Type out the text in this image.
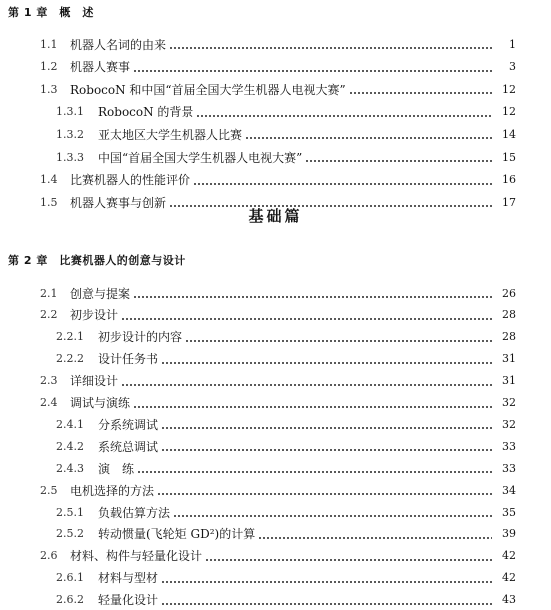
第 1 章　概　述
1.1	机器人名词的由来	1
1.2	机器人赛事	3
1.3	RobocoN 和中国“首届全国大学生机器人电视大赛”	12
1.3.1	RobocoN 的背景	12
1.3.2	亚太地区大学生机器人比赛	14
1.3.3	中国“首届全国大学生机器人电视大赛”	15
1.4	比赛机器人的性能评价	16
1.5	机器人赛事与创新	17
基础篇
第 2 章　比赛机器人的创意与设计
2.1	创意与提案	26
2.2	初步设计	28
2.2.1	初步设计的内容	28
2.2.2	设计任务书	31
2.3	详细设计	31
2.4	调试与演练	32
2.4.1	分系统调试	32
2.4.2	系统总调试	33
2.4.3	演　练	33
2.5	电机选择的方法	34
2.5.1	负载估算方法	35
2.5.2	转动惯量(飞轮矩 GD²)的计算	39
2.6	材料、构件与轻量化设计	42
2.6.1	材料与型材	42
2.6.2	轻量化设计	43
